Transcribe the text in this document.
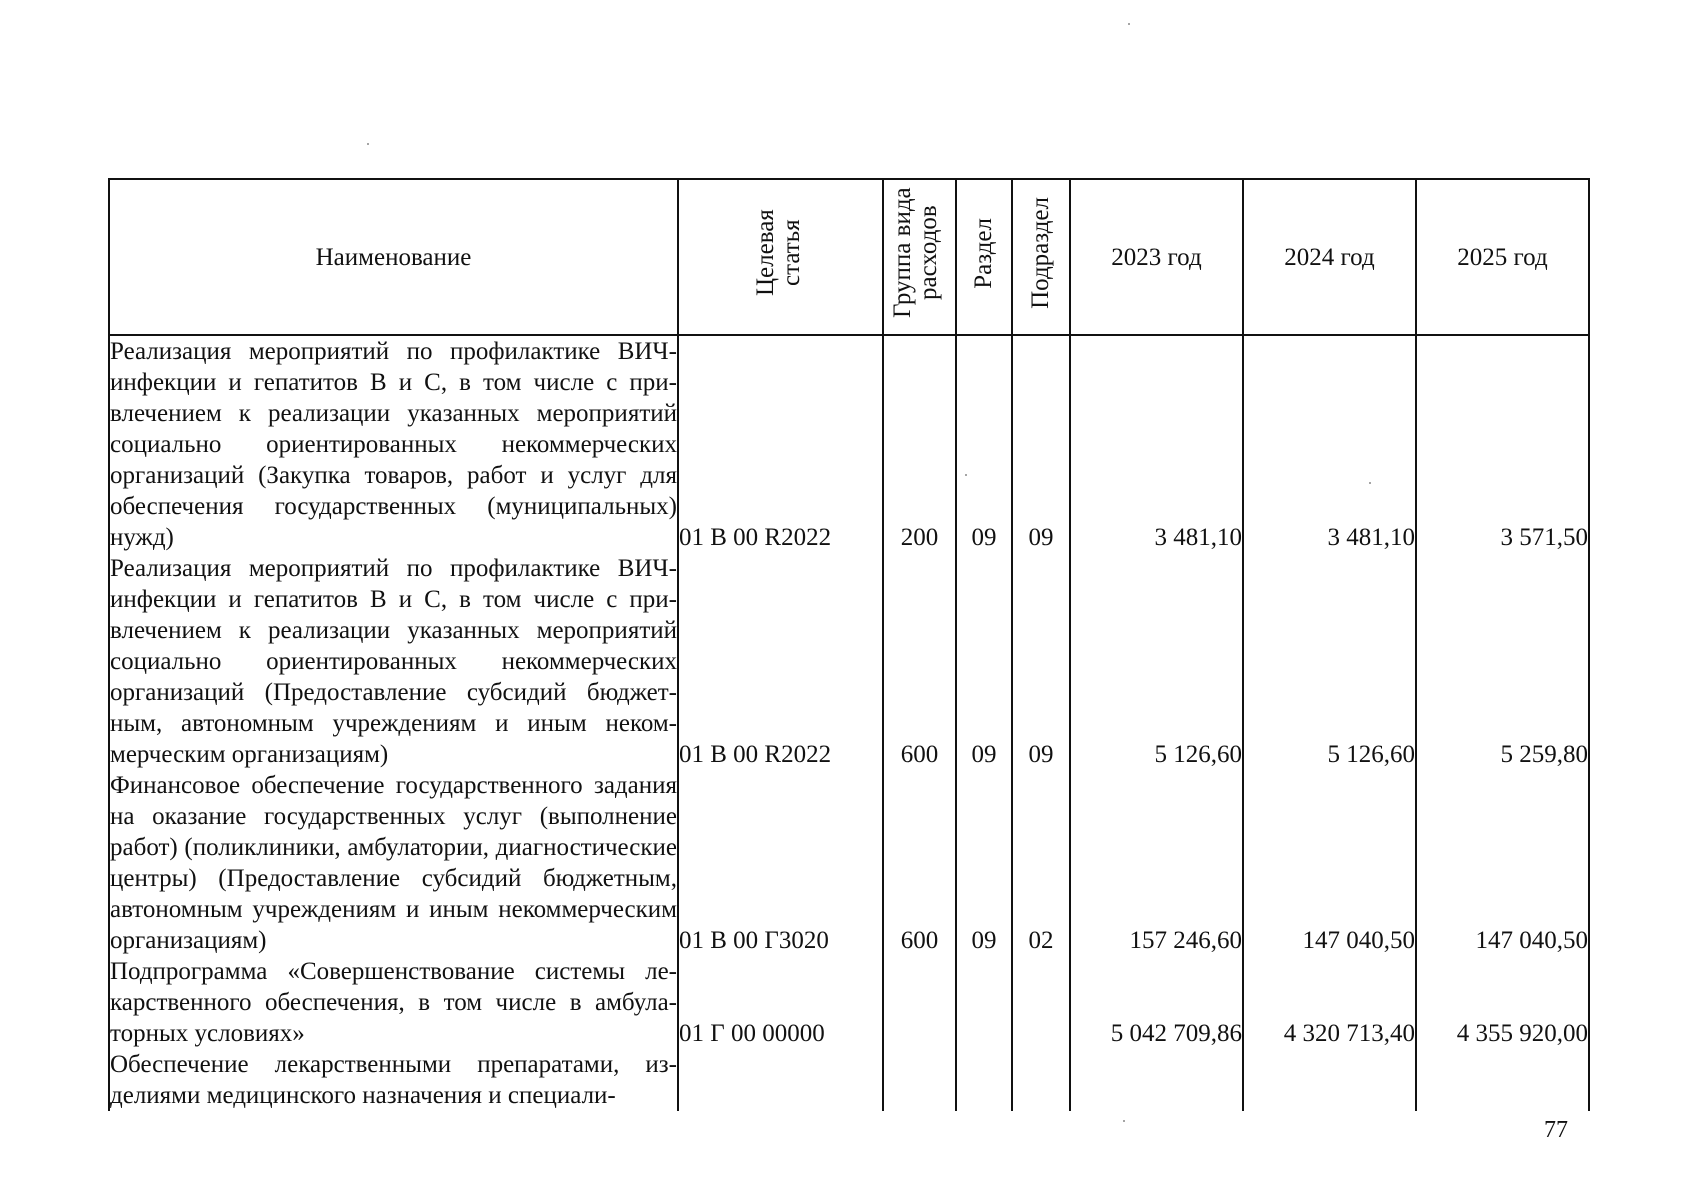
Наименование	Целевая статья	Группа вида расходов	Раздел	Подраздел	2023 год	2024 год	2025 год
Реализация мероприятий по профилактике ВИЧ-инфекции и гепатитов В и С, в том числе с привлечением к реализации указанных мероприятий социально ориентированных некоммерческих организаций (Закупка товаров, работ и услуг для обеспечения государственных (муниципальных) нужд)	01 В 00 R2022	200	09	09	3 481,10	3 481,10	3 571,50
Реализация мероприятий по профилактике ВИЧ-инфекции и гепатитов В и С, в том числе с привлечением к реализации указанных мероприятий социально ориентированных некоммерческих организаций (Предоставление субсидий бюджетным, автономным учреждениям и иным некоммерческим организациям)	01 В 00 R2022	600	09	09	5 126,60	5 126,60	5 259,80
Финансовое обеспечение государственного задания на оказание государственных услуг (выполнение работ) (поликлиники, амбулатории, диагностические центры) (Предоставление субсидий бюджетным, автономным учреждениям и иным некоммерческим организациям)	01 В 00 Г3020	600	09	02	157 246,60	147 040,50	147 040,50
Подпрограмма «Совершенствование системы лекарственного обеспечения, в том числе в амбулаторных условиях»	01 Г 00 00000				5 042 709,86	4 320 713,40	4 355 920,00

Обеспечение лекарственными препаратами, изделиями медицинского назначения и специали-							

77
